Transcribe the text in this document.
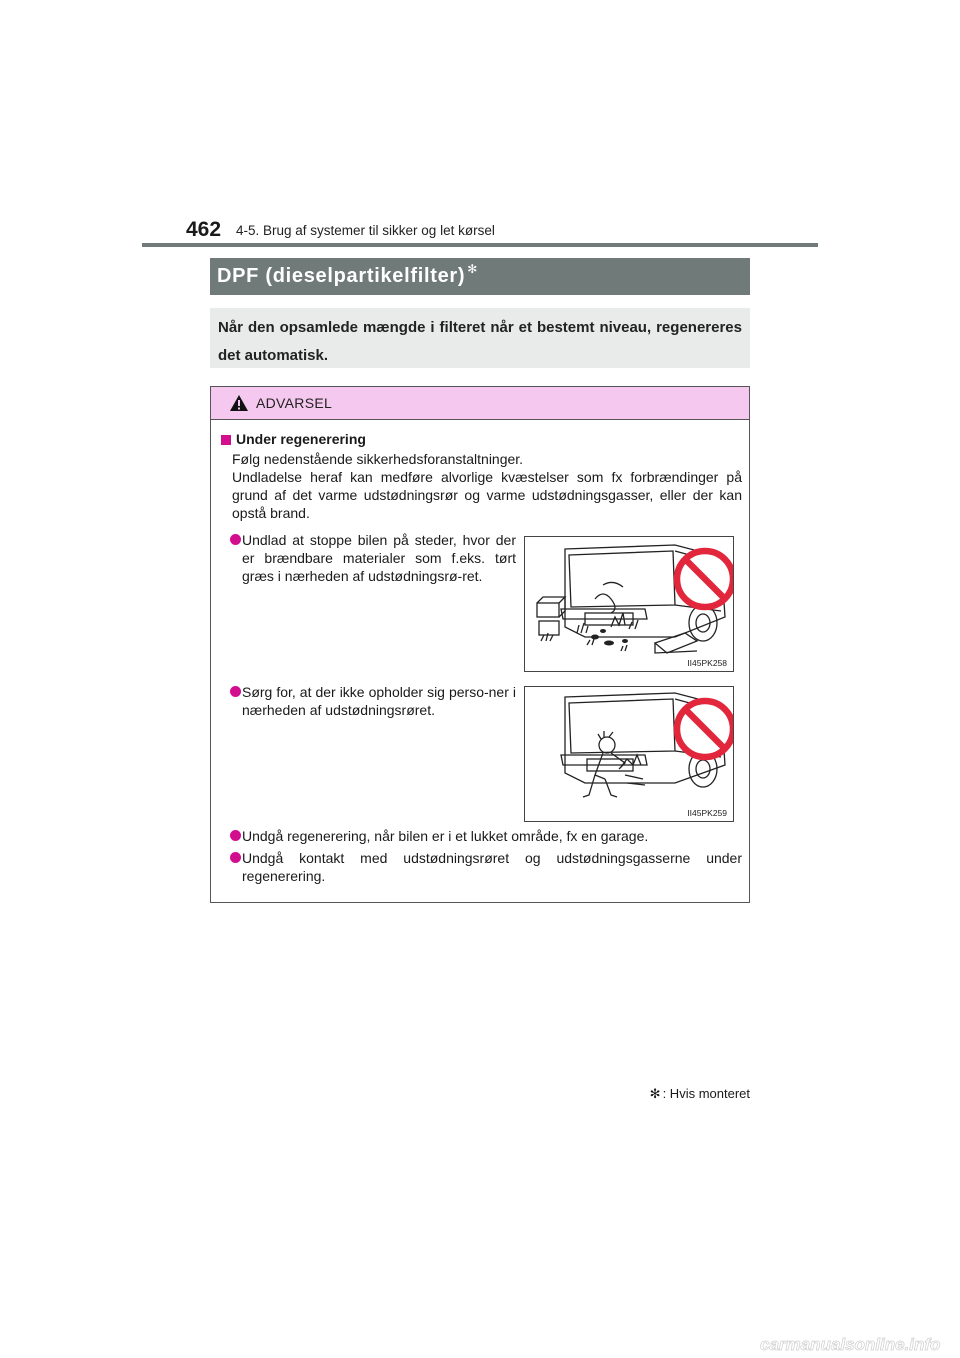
462 4-5. Brug af systemer til sikker og let kørsel
DPF (dieselpartikelfilter) ✻
Når den opsamlede mængde i filteret når et bestemt niveau, regenereres det automatisk.
ADVARSEL
Under regenerering
Følg nedenstående sikkerhedsforanstaltninger.
Undladelse heraf kan medføre alvorlige kvæstelser som fx forbrændinger på grund af det varme udstødningsrør og varme udstødningsgasser, eller der kan opstå brand.
Undlad at stoppe bilen på steder, hvor der er brændbare materialer som f.eks. tørt græs i nærheden af udstødningsrø-ret.
II45PK258
Sørg for, at der ikke opholder sig perso-ner i nærheden af udstødningsrøret.
II45PK259
Undgå regenerering, når bilen er i et lukket område, fx en garage.
Undgå kontakt med udstødningsrøret og udstødningsgasserne under regenerering.
✻ : Hvis monteret
carmanualsonline.info
